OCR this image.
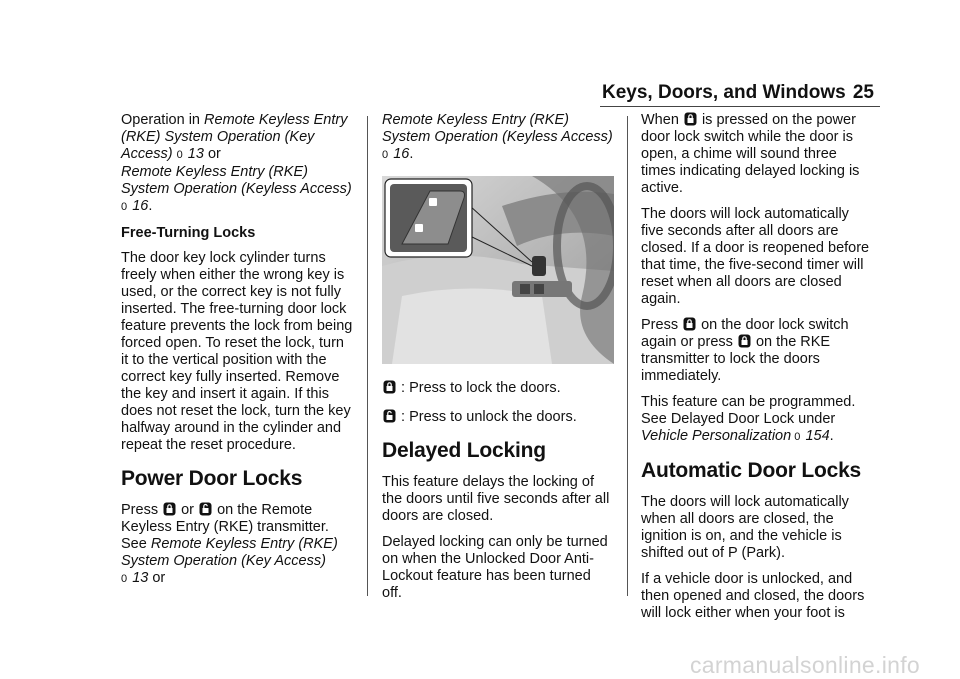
Keys, Doors, and Windows 25

Operation in Remote Keyless Entry (RKE) System Operation (Key Access) 0 13 or
Remote Keyless Entry (RKE) System Operation (Keyless Access)
0 16.

Free-Turning Locks

The door key lock cylinder turns freely when either the wrong key is used, or the correct key is not fully inserted. The free-turning door lock feature prevents the lock from being forced open. To reset the lock, turn it to the vertical position with the correct key fully inserted. Remove the key and insert it again. If this does not reset the lock, turn the key halfway around in the cylinder and repeat the reset procedure.

Power Door Locks

Press  or  on the Remote Keyless Entry (RKE) transmitter.
See Remote Keyless Entry (RKE) System Operation (Key Access)
0 13 or

Remote Keyless Entry (RKE) System Operation (Keyless Access)
0 16.

: Press to lock the doors.

: Press to unlock the doors.

Delayed Locking

This feature delays the locking of the doors until five seconds after all doors are closed.

Delayed locking can only be turned on when the Unlocked Door Anti-Lockout feature has been turned off.

When  is pressed on the power door lock switch while the door is open, a chime will sound three times indicating delayed locking is active.

The doors will lock automatically five seconds after all doors are closed. If a door is reopened before that time, the five-second timer will reset when all doors are closed again.

Press  on the door lock switch again or press  on the RKE transmitter to lock the doors immediately.

This feature can be programmed. See Delayed Door Lock under Vehicle Personalization 0 154.

Automatic Door Locks

The doors will lock automatically when all doors are closed, the ignition is on, and the vehicle is shifted out of P (Park).

If a vehicle door is unlocked, and then opened and closed, the doors will lock either when your foot is

carmanualsonline.info
